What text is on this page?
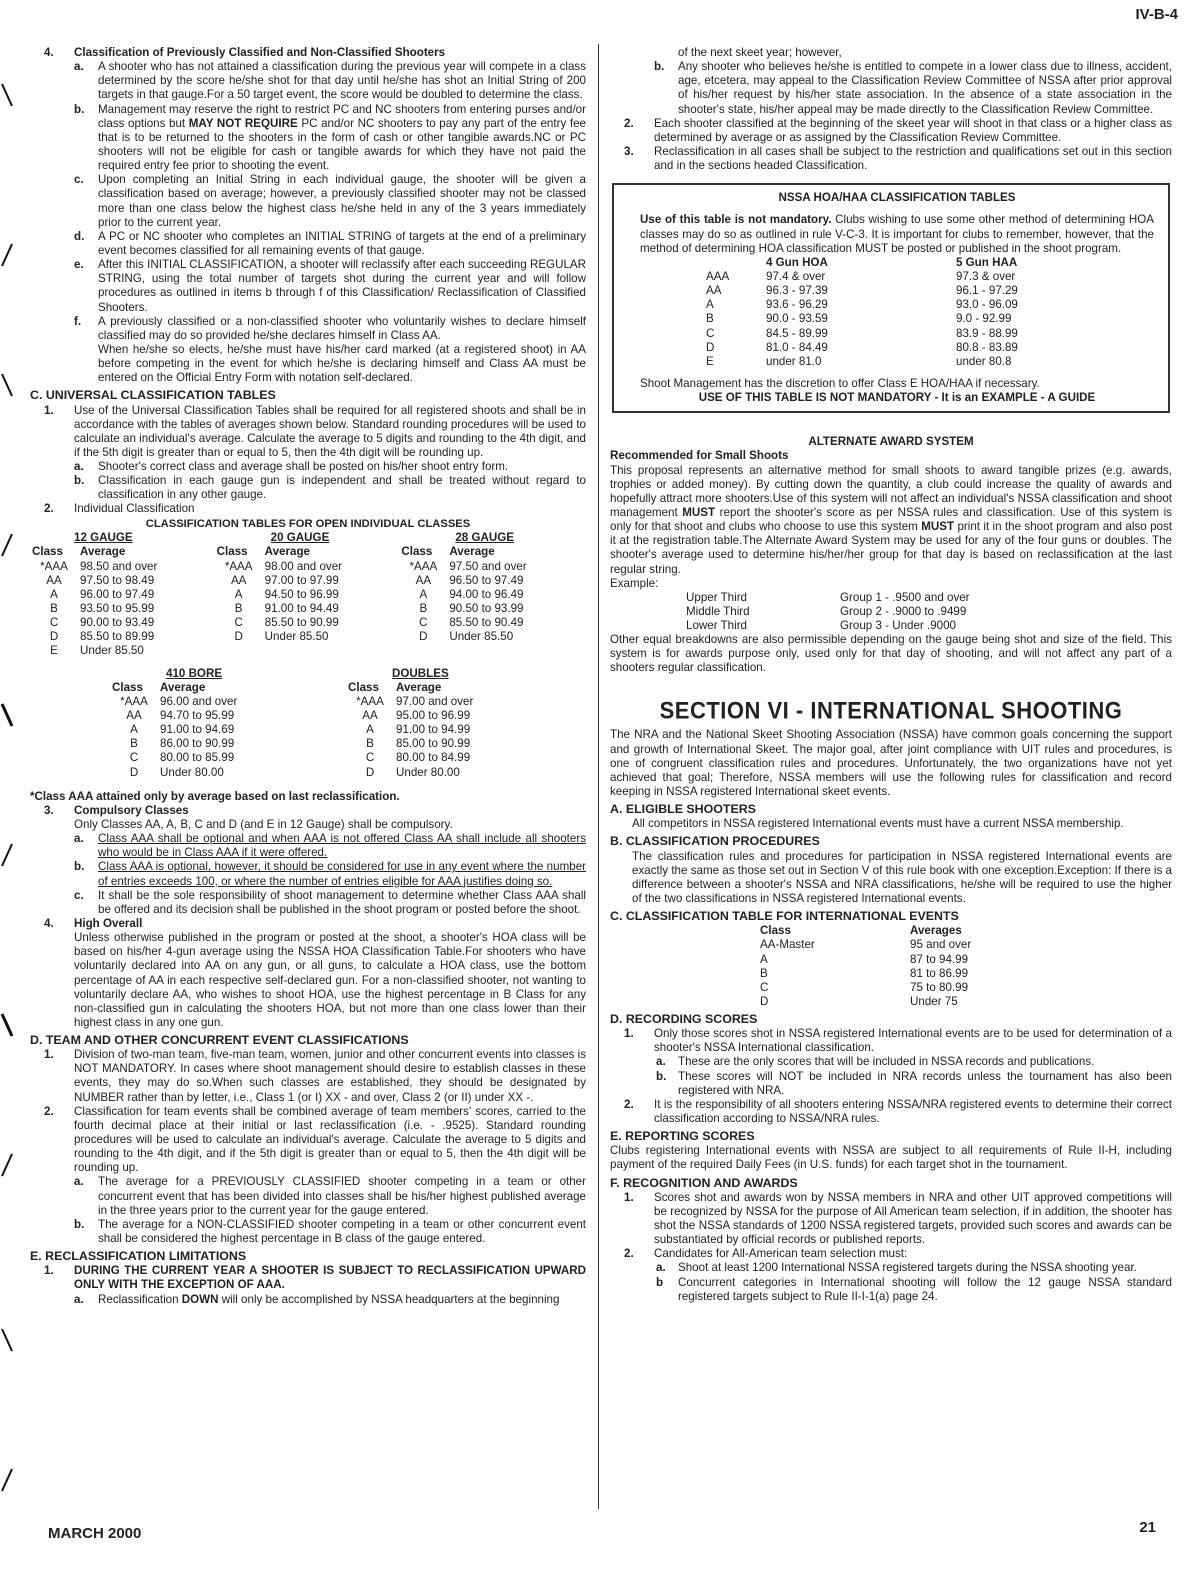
IV-B-4
4.	Classification of Previously Classified and Non-Classified Shooters
a.	A shooter who has not attained a classification during the previous year will compete in a class determined by the score he/she shot for that day until he/she has shot an Initial String of 200 targets in that gauge.For a 50 target event, the score would be doubled to determine the class.
b.	Management may reserve the right to restrict PC and NC shooters from entering purses and/or class options but MAY NOT REQUIRE PC and/or NC shooters to pay any part of the entry fee that is to be returned to the shooters in the form of cash or other tangible awards.NC or PC shooters will not be eligible for cash or tangible awards for which they have not paid the required entry fee prior to shooting the event.
c.	Upon completing an Initial String in each individual gauge, the shooter will be given a classification based on average; however, a previously classified shooter may not be classed more than one class below the highest class he/she held in any of the 3 years immediately prior to the current year.
d.	A PC or NC shooter who completes an INITIAL STRING of targets at the end of a preliminary event becomes classified for all remaining events of that gauge.
e.	After this INITIAL CLASSIFICATION, a shooter will reclassify after each succeeding REGULAR STRING, using the total number of targets shot during the current year and will follow procedures as outlined in items b through f of this Classification/ Reclassification of Classified Shooters.
f.	A previously classified or a non-classified shooter who voluntarily wishes to declare himself classified may do so provided he/she declares himself in Class AA.
When he/she so elects, he/she must have his/her card marked (at a registered shoot) in AA before competing in the event for which he/she is declaring himself and Class AA must be entered on the Official Entry Form with notation self-declared.
C. UNIVERSAL CLASSIFICATION TABLES
1.	Use of the Universal Classification Tables shall be required for all registered shoots and shall be in accordance with the tables of averages shown below. Standard rounding procedures will be used to calculate an individual's average. Calculate the average to 5 digits and rounding to the 4th digit, and if the 5th digit is greater than or equal to 5, then the 4th digit will be rounding up.
a.	Shooter's correct class and average shall be posted on his/her shoot entry form.
b.	Classification in each gauge gun is independent and shall be treated without regard to classification in any other gauge.
2.	Individual Classification
CLASSIFICATION TABLES FOR OPEN INDIVIDUAL CLASSES
12 GAUGE
Class	Average
*AAA	98.50 and over
AA	97.50 to 98.49
A	96.00 to 97.49
B	93.50 to 95.99
C	90.00 to 93.49
D	85.50 to 89.99
E	Under 85.50
20 GAUGE
Class	Average
*AAA	98.00 and over
AA	97.00 to 97.99
A	94.50 to 96.99
B	91.00 to 94.49
C	85.50 to 90.99
D	Under 85.50
28 GAUGE
Class	Average
*AAA	97.50 and over
AA	96.50 to 97.49
A	94.00 to 96.49
B	90.50 to 93.99
C	85.50 to 90.49
D	Under 85.50
410 BORE
Class	Average
*AAA	96.00 and over
AA	94.70 to 95.99
A	91.00 to 94.69
B	86.00 to 90.99
C	80.00 to 85.99
D	Under 80.00
DOUBLES
Class	Average
*AAA	97.00 and over
AA	95.00 to 96.99
A	91.00 to 94.99
B	85.00 to 90.99
C	80.00 to 84.99
D	Under 80.00
*Class AAA attained only by average based on last reclassification.
3.	Compulsory Classes
Only Classes AA, A, B, C and D (and E in 12 Gauge) shall be compulsory.
a.	Class AAA shall be optional and when AAA is not offered Class AA shall include all shooters who would be in Class AAA if it were offered.
b.	Class AAA is optional, however, it should be considered for use in any event where the number of entries exceeds 100, or where the number of entries eligible for AAA justifies doing so.
c.	It shall be the sole responsibility of shoot management to determine whether Class AAA shall be offered and its decision shall be published in the shoot program or posted before the shoot.
4.	High Overall
Unless otherwise published in the program or posted at the shoot, a shooter's HOA class will be based on his/her 4-gun average using the NSSA HOA Classification Table.For shooters who have voluntarily declared into AA on any gun, or all guns, to calculate a HOA class, use the bottom percentage of AA in each respective self-declared gun. For a non-classified shooter, not wanting to voluntarily declare AA, who wishes to shoot HOA, use the highest percentage in B Class for any non-classified gun in calculating the shooters HOA, but not more than one class lower than their highest class in any one gun.
D. TEAM AND OTHER CONCURRENT EVENT CLASSIFICATIONS
1.	Division of two-man team, five-man team, women, junior and other concurrent events into classes is NOT MANDATORY. In cases where shoot management should desire to establish classes in these events, they may do so.When such classes are established, they should be designated by NUMBER rather than by letter, i.e., Class 1 (or I) XX - and over, Class 2 (or II) under XX -.
2.	Classification for team events shall be combined average of team members' scores, carried to the fourth decimal place at their initial or last reclassification (i.e. - .9525). Standard rounding procedures will be used to calculate an individual's average. Calculate the average to 5 digits and rounding to the 4th digit, and if the 5th digit is greater than or equal to 5, then the 4th digit will be rounding up.
a.	The average for a PREVIOUSLY CLASSIFIED shooter competing in a team or other concurrent event that has been divided into classes shall be his/her highest published average in the three years prior to the current year for the gauge entered.
b.	The average for a NON-CLASSIFIED shooter competing in a team or other concurrent event shall be considered the highest percentage in B class of the gauge entered.
E. RECLASSIFICATION LIMITATIONS
1.	DURING THE CURRENT YEAR A SHOOTER IS SUBJECT TO RECLASSIFICATION UPWARD ONLY WITH THE EXCEPTION OF AAA.
a.	Reclassification DOWN will only be accomplished by NSSA headquarters at the beginning
of the next skeet year; however,
b.	Any shooter who believes he/she is entitled to compete in a lower class due to illness, accident, age, etcetera, may appeal to the Classification Review Committee of NSSA after prior approval of his/her request by his/her state association. In the absence of a state association in the shooter's state, his/her appeal may be made directly to the Classification Review Committee.
2.	Each shooter classified at the beginning of the skeet year will shoot in that class or a higher class as determined by average or as assigned by the Classification Review Committee.
3.	Reclassification in all cases shall be subject to the restriction and qualifications set out in this section and in the sections headed Classification.
NSSA HOA/HAA CLASSIFICATION TABLES

Use of this table is not mandatory. Clubs wishing to use some other method of determining HOA classes may do so as outlined in rule V-C-3. It is important for clubs to remember, however, that the method of determining HOA classification MUST be posted or published in the shoot program.

4 Gun HOA	5 Gun HAA
AAA	97.4 & over	97.3 & over
AA	96.3 - 97.39	96.1 - 97.29
A	93.6 - 96.29	93.0 - 96.09
B	90.0 - 93.59	9.0 - 92.99
C	84.5 - 89.99	83.9 - 88.99
D	81.0 - 84.49	80.8 - 83.89
E	under 81.0	under 80.8

Shoot Management has the discretion to offer Class E HOA/HAA if necessary.

USE OF THIS TABLE IS NOT MANDATORY - It is an EXAMPLE - A GUIDE

ALTERNATE AWARD SYSTEM
Recommended for Small Shoots

This proposal represents an alternative method for small shoots to award tangible prizes (e.g. awards, trophies or added money). By cutting down the quantity, a club could increase the quality of awards and hopefully attract more shooters.Use of this system will not affect an individual's NSSA classification and shoot management MUST report the shooter's score as per NSSA rules and classification. Use of this system is only for that shoot and clubs who choose to use this system MUST print it in the shoot program and also post it at the registration table.The Alternate Award System may be used for any of the four guns or doubles. The shooter's average used to determine his/her/her group for that day is based on reclassification at the last regular string.

Example:
Upper Third	Group 1 - .9500 and over
Middle Third	Group 2 - .9000 to .9499
Lower Third	Group 3 - Under .9000

Other equal breakdowns are also permissible depending on the gauge being shot and size of the field. This system is for awards purpose only, used only for that day of shooting, and will not affect any part of a shooters regular classification.

SECTION VI - INTERNATIONAL SHOOTING

The NRA and the National Skeet Shooting Association (NSSA) have common goals concerning the support and growth of International Skeet. The major goal, after joint compliance with UIT rules and procedures, is one of congruent classification rules and procedures. Unfortunately, the two organizations have not yet achieved that goal; Therefore, NSSA members will use the following rules for classification and record keeping in NSSA registered International skeet events.

A. ELIGIBLE SHOOTERS

All competitors in NSSA registered International events must have a current NSSA membership.

B. CLASSIFICATION PROCEDURES

The classification rules and procedures for participation in NSSA registered International events are exactly the same as those set out in Section V of this rule book with one exception.Exception: If there is a difference between a shooter's NSSA and NRA classifications, he/she will be required to use the higher of the two classifications in NSSA registered International events.

C. CLASSIFICATION TABLE FOR INTERNATIONAL EVENTS
Class	Averages
AA-Master	95 and over
A	87 to 94.99
B	81 to 86.99
C	75 to 80.99
D	Under 75
D. RECORDING SCORES
1.	Only those scores shot in NSSA registered International events are to be used for determination of a shooter's NSSA International classification.
a.	These are the only scores that will be included in NSSA records and publications.
b.	These scores will NOT be included in NRA records unless the tournament has also been registered with NRA.
2.	It is the responsibility of all shooters entering NSSA/NRA registered events to determine their correct classification according to NSSA/NRA rules.
E. REPORTING SCORES

Clubs registering International events with NSSA are subject to all requirements of Rule II-H, including payment of the required Daily Fees (in U.S. funds) for each target shot in the tournament.

F. RECOGNITION AND AWARDS
1.	Scores shot and awards won by NSSA members in NRA and other UIT approved competitions will be recognized by NSSA for the purpose of All American team selection, if in addition, the shooter has shot the NSSA standards of 1200 NSSA registered targets, provided such scores and awards can be substantiated by official records or published reports.
2.	Candidates for All-American team selection must:
a.	Shoot at least 1200 International NSSA registered targets during the NSSA shooting year.
b	Concurrent categories in International shooting will follow the 12 gauge NSSA standard registered targets subject to Rule II-I-1(a) page 24.
MARCH 2000	21
